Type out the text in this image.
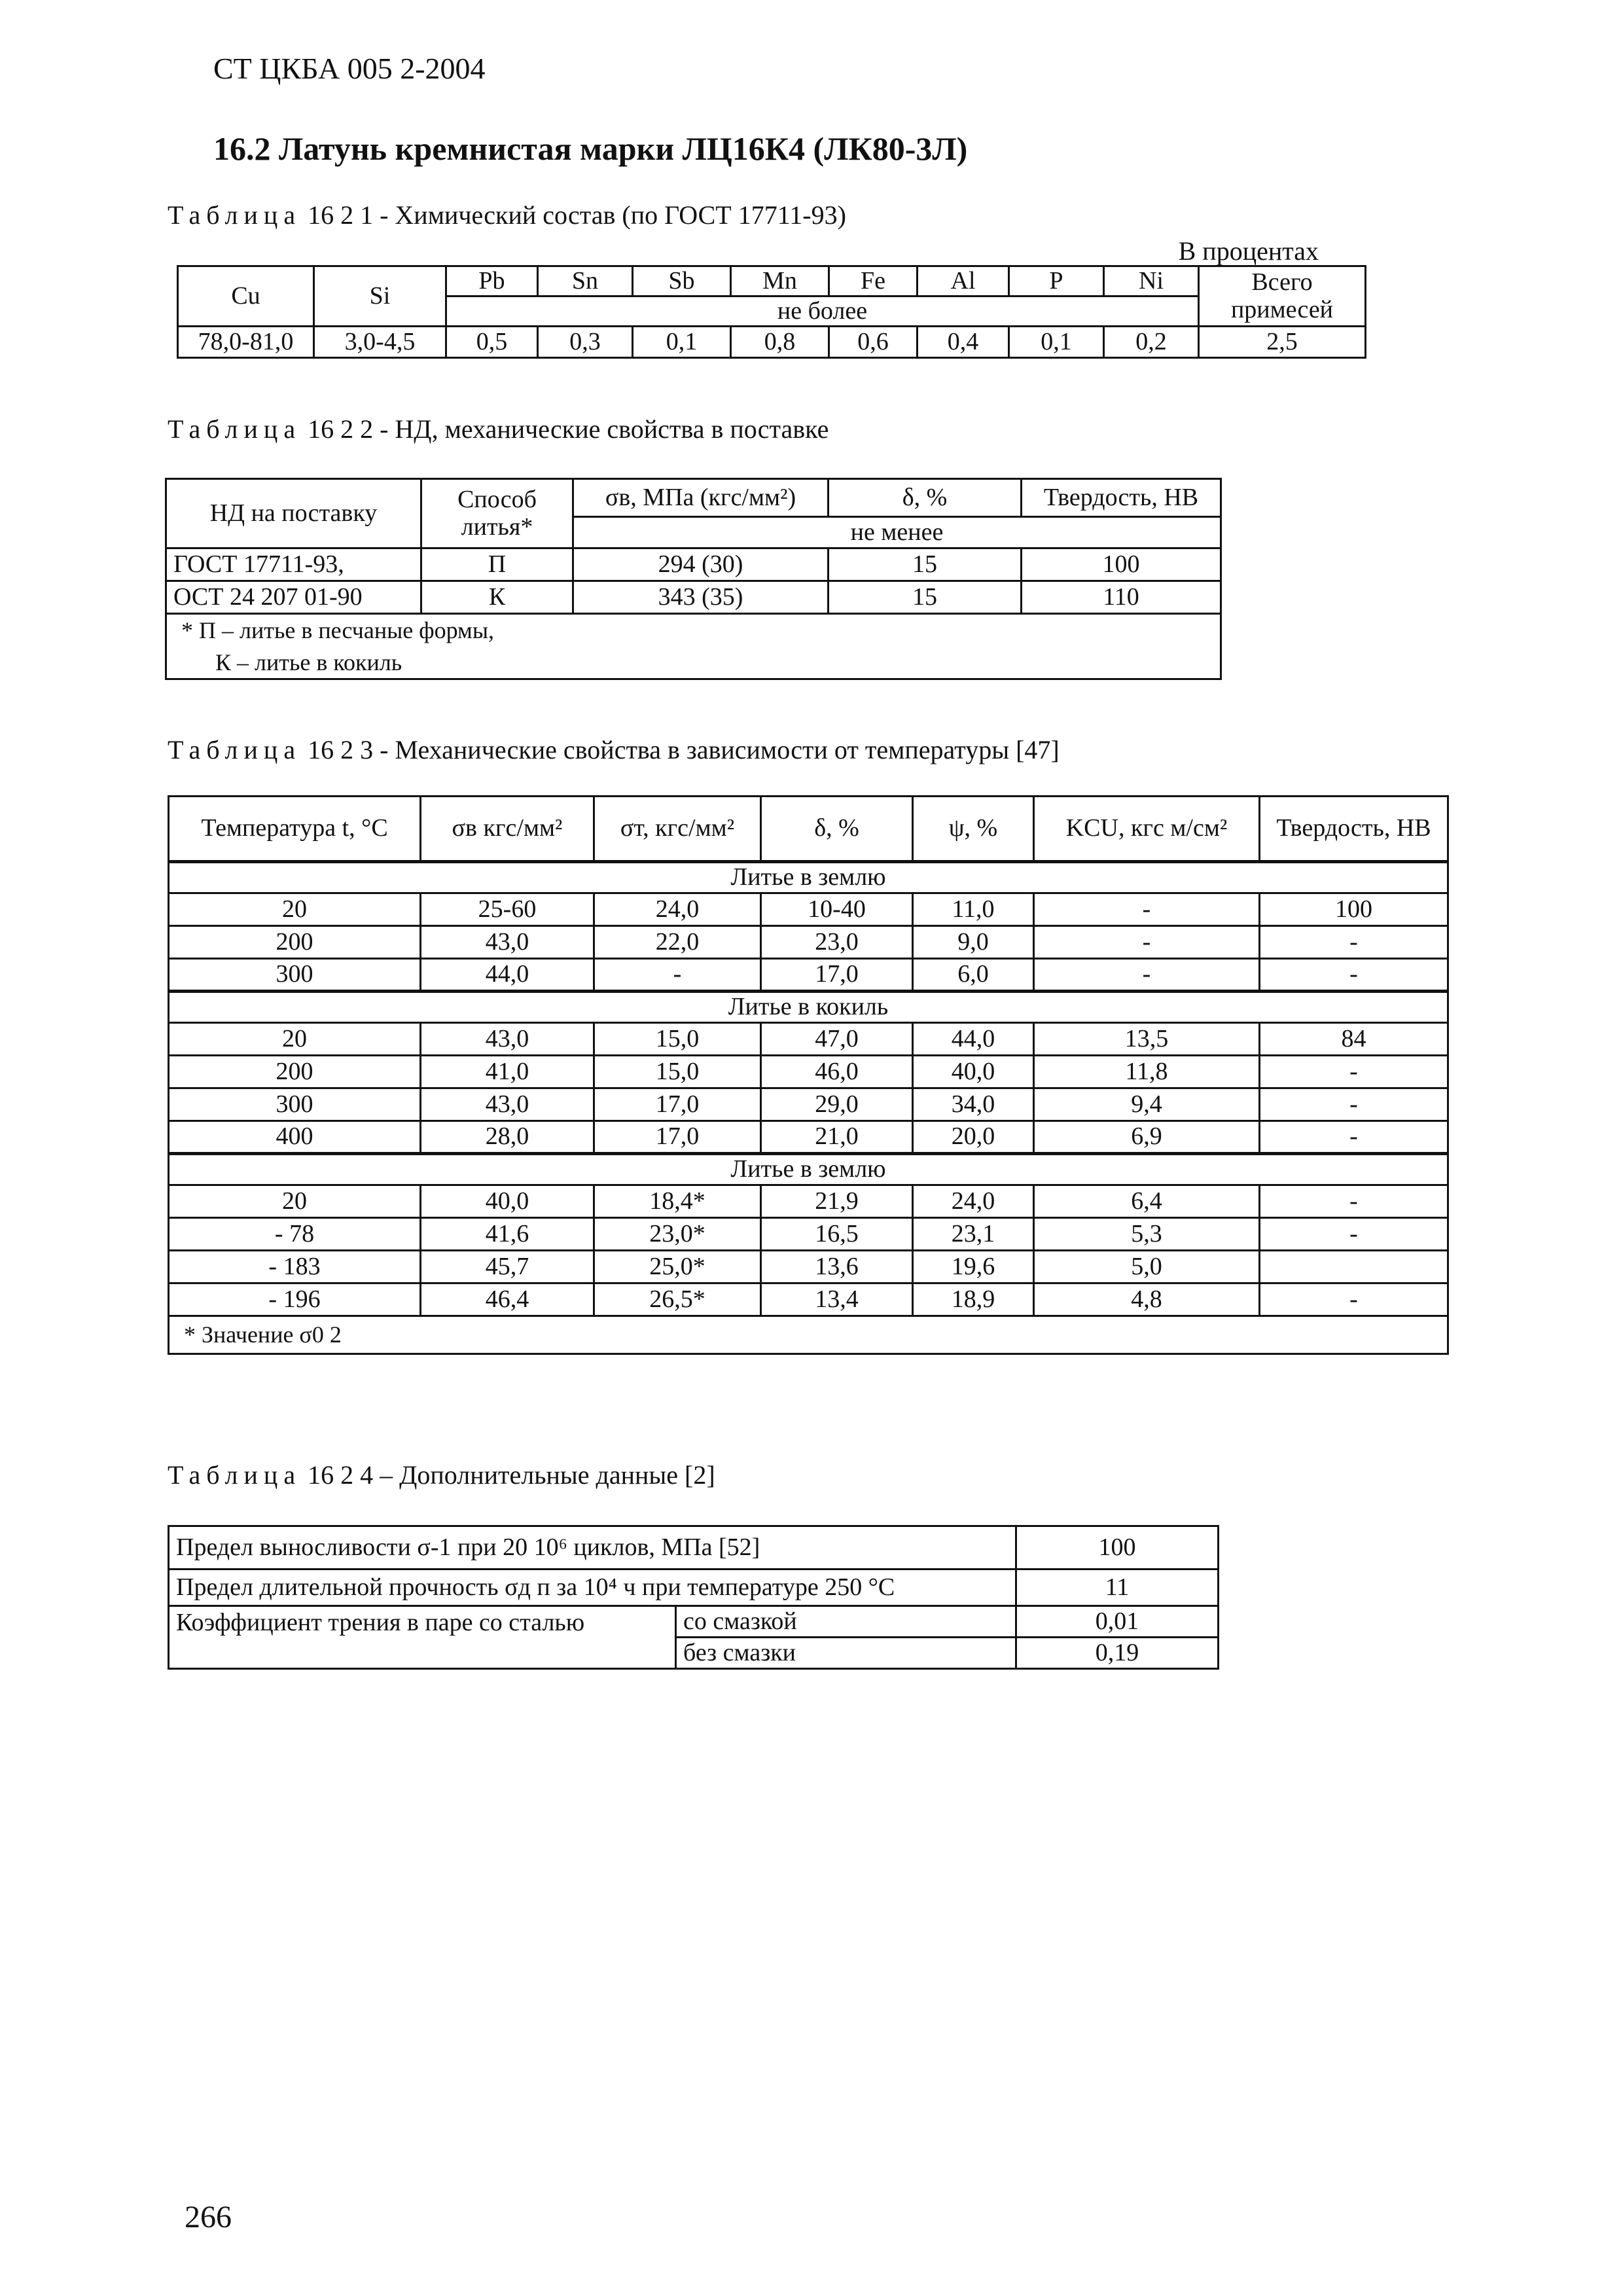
СТ ЦКБА 005 2-2004
16.2 Латунь кремнистая марки ЛЦ16К4 (ЛК80-3Л)
Таблица 16 2 1 - Химический состав (по ГОСТ 17711-93)
В процентах
Cu	Si	Pb	Sn	Sb	Mn	Fe	Al	P	Ni	Всего примесей
		не более								
78,0-81,0	3,0-4,5	0,5	0,3	0,1	0,8	0,6	0,4	0,1	0,2	2,5
Таблица 16 2 2 - НД, механические свойства в поставке
НД на поставку	Способ литья*	σв, МПа (кгс/мм²)	δ, %	Твердость, НВ
		не менее		
ГОСТ 17711-93,	П	294 (30)	15	100
ОСТ 24 207 01-90	К	343 (35)	15	110

* П – литье в песчаные формы,
К – литье в кокиль				
Таблица 16 2 3 - Механические свойства в зависимости от температуры [47]
Температура t, °C	σв кгс/мм²	σт, кгс/мм²	δ, %	ψ, %	KCU, кгс м/см²	Твердость, НВ
Литье в землю						
20	25-60	24,0	10-40	11,0	-	100
200	43,0	22,0	23,0	9,0	-	-
300	44,0	-	17,0	6,0	-	-
Литье в кокиль						
20	43,0	15,0	47,0	44,0	13,5	84
200	41,0	15,0	46,0	40,0	11,8	-
300	43,0	17,0	29,0	34,0	9,4	-
400	28,0	17,0	21,0	20,0	6,9	-
Литье в землю						
20	40,0	18,4*	21,9	24,0	6,4	-
- 78	41,6	23,0*	16,5	23,1	5,3	-
- 183	45,7	25,0*	13,6	19,6	5,0	
- 196	46,4	26,5*	13,4	18,9	4,8	-
* Значение σ0 2						
Таблица 16 2 4 – Дополнительные данные [2]
Предел выносливости σ-1 при 20 10⁶ циклов, МПа [52]		100
Предел длительной прочность σд п за 10⁴ ч при температуре 250 °C		11
Коэффициент трения в паре со сталью	со смазкой	0,01
	без смазки	0,19
266
